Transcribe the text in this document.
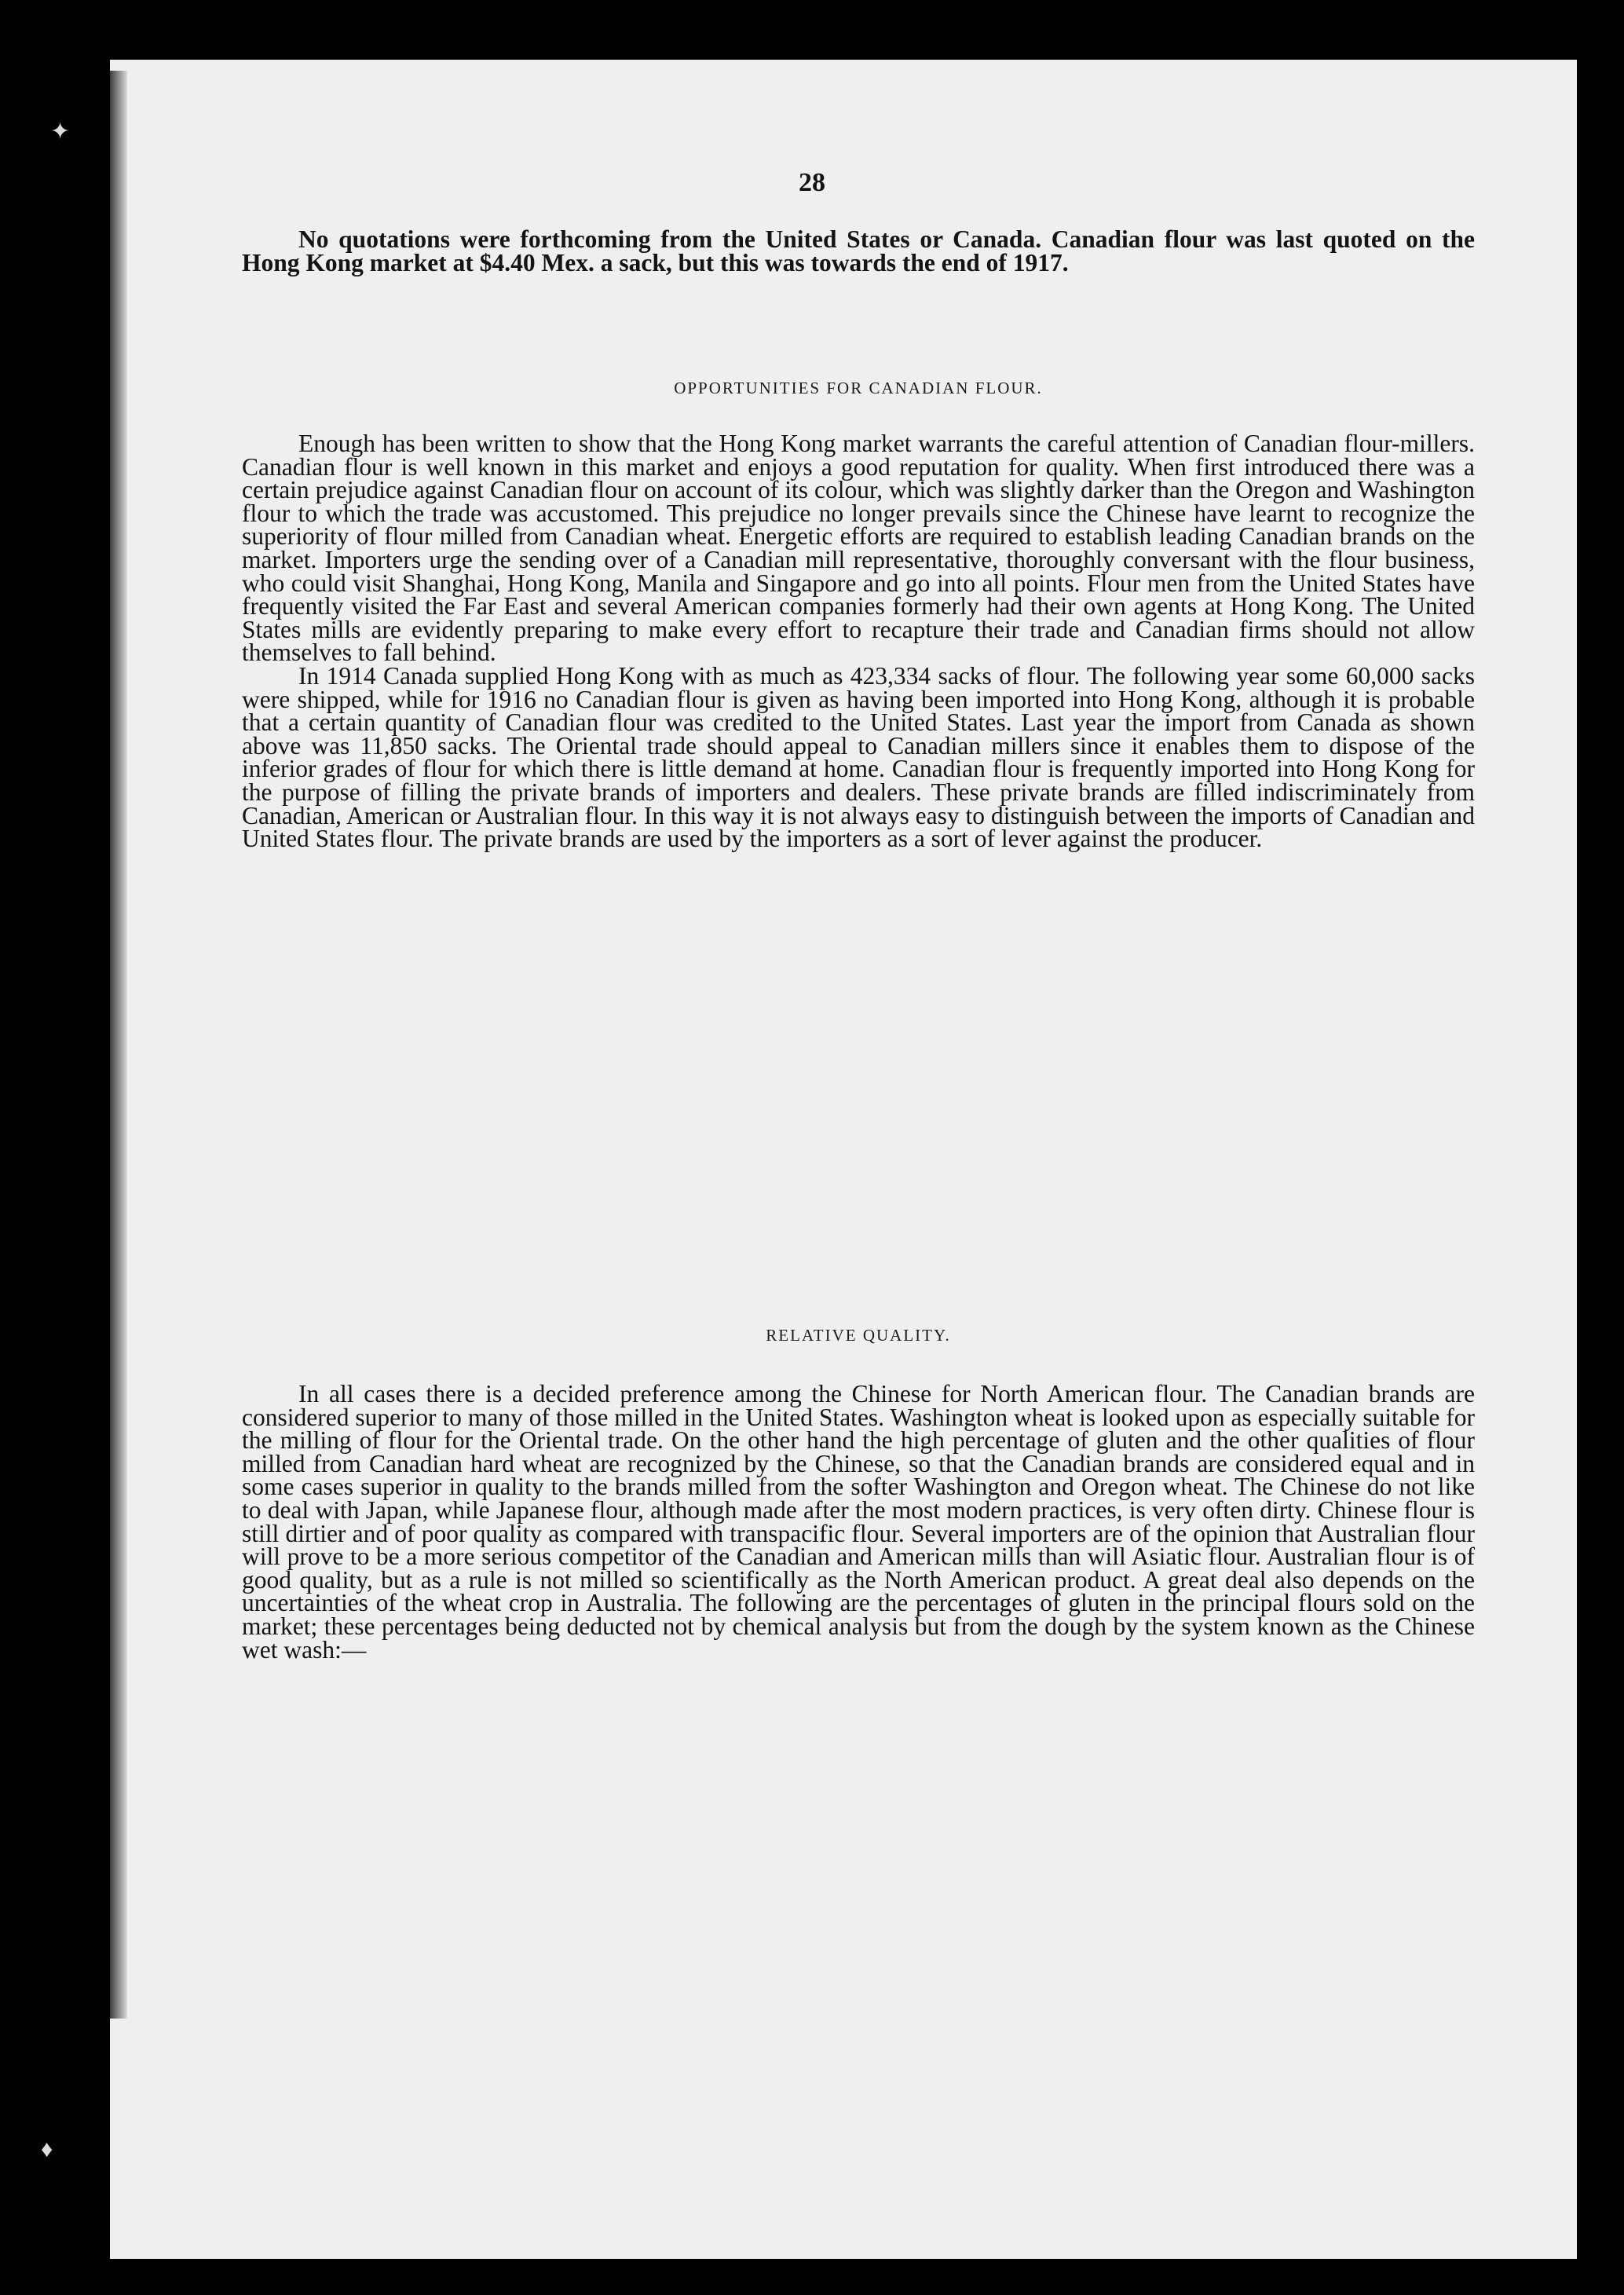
✦
♦
28

No quotations were forthcoming from the United States or Canada. Canadian flour was last quoted on the Hong Kong market at $4.40 Mex. a sack, but this was towards the end of 1917.

OPPORTUNITIES FOR CANADIAN FLOUR.

Enough has been written to show that the Hong Kong market warrants the careful attention of Canadian flour-millers. Canadian flour is well known in this market and enjoys a good reputation for quality. When first introduced there was a certain prejudice against Canadian flour on account of its colour, which was slightly darker than the Oregon and Washington flour to which the trade was accustomed. This prejudice no longer prevails since the Chinese have learnt to recognize the superiority of flour milled from Canadian wheat. Energetic efforts are required to establish leading Canadian brands on the market. Importers urge the sending over of a Canadian mill representative, thoroughly conversant with the flour business, who could visit Shanghai, Hong Kong, Manila and Singapore and go into all points. Flour men from the United States have frequently visited the Far East and several American companies formerly had their own agents at Hong Kong. The United States mills are evidently preparing to make every effort to recapture their trade and Canadian firms should not allow themselves to fall behind.

In 1914 Canada supplied Hong Kong with as much as 423,334 sacks of flour. The following year some 60,000 sacks were shipped, while for 1916 no Canadian flour is given as having been imported into Hong Kong, although it is probable that a certain quantity of Canadian flour was credited to the United States. Last year the import from Canada as shown above was 11,850 sacks. The Oriental trade should appeal to Canadian millers since it enables them to dispose of the inferior grades of flour for which there is little demand at home. Canadian flour is frequently imported into Hong Kong for the purpose of filling the private brands of importers and dealers. These private brands are filled indiscriminately from Canadian, American or Australian flour. In this way it is not always easy to distinguish between the imports of Canadian and United States flour. The private brands are used by the importers as a sort of lever against the producer.

RELATIVE QUALITY.

In all cases there is a decided preference among the Chinese for North American flour. The Canadian brands are considered superior to many of those milled in the United States. Washington wheat is looked upon as especially suitable for the milling of flour for the Oriental trade. On the other hand the high percentage of gluten and the other qualities of flour milled from Canadian hard wheat are recognized by the Chinese, so that the Canadian brands are considered equal and in some cases superior in quality to the brands milled from the softer Washington and Oregon wheat. The Chinese do not like to deal with Japan, while Japanese flour, although made after the most modern practices, is very often dirty. Chinese flour is still dirtier and of poor quality as compared with transpacific flour. Several importers are of the opinion that Australian flour will prove to be a more serious competitor of the Canadian and American mills than will Asiatic flour. Australian flour is of good quality, but as a rule is not milled so scientifically as the North American product. A great deal also depends on the uncertainties of the wheat crop in Australia. The following are the percentages of gluten in the principal flours sold on the market; these percentages being deducted not by chemical analysis but from the dough by the system known as the Chinese wet wash:—
